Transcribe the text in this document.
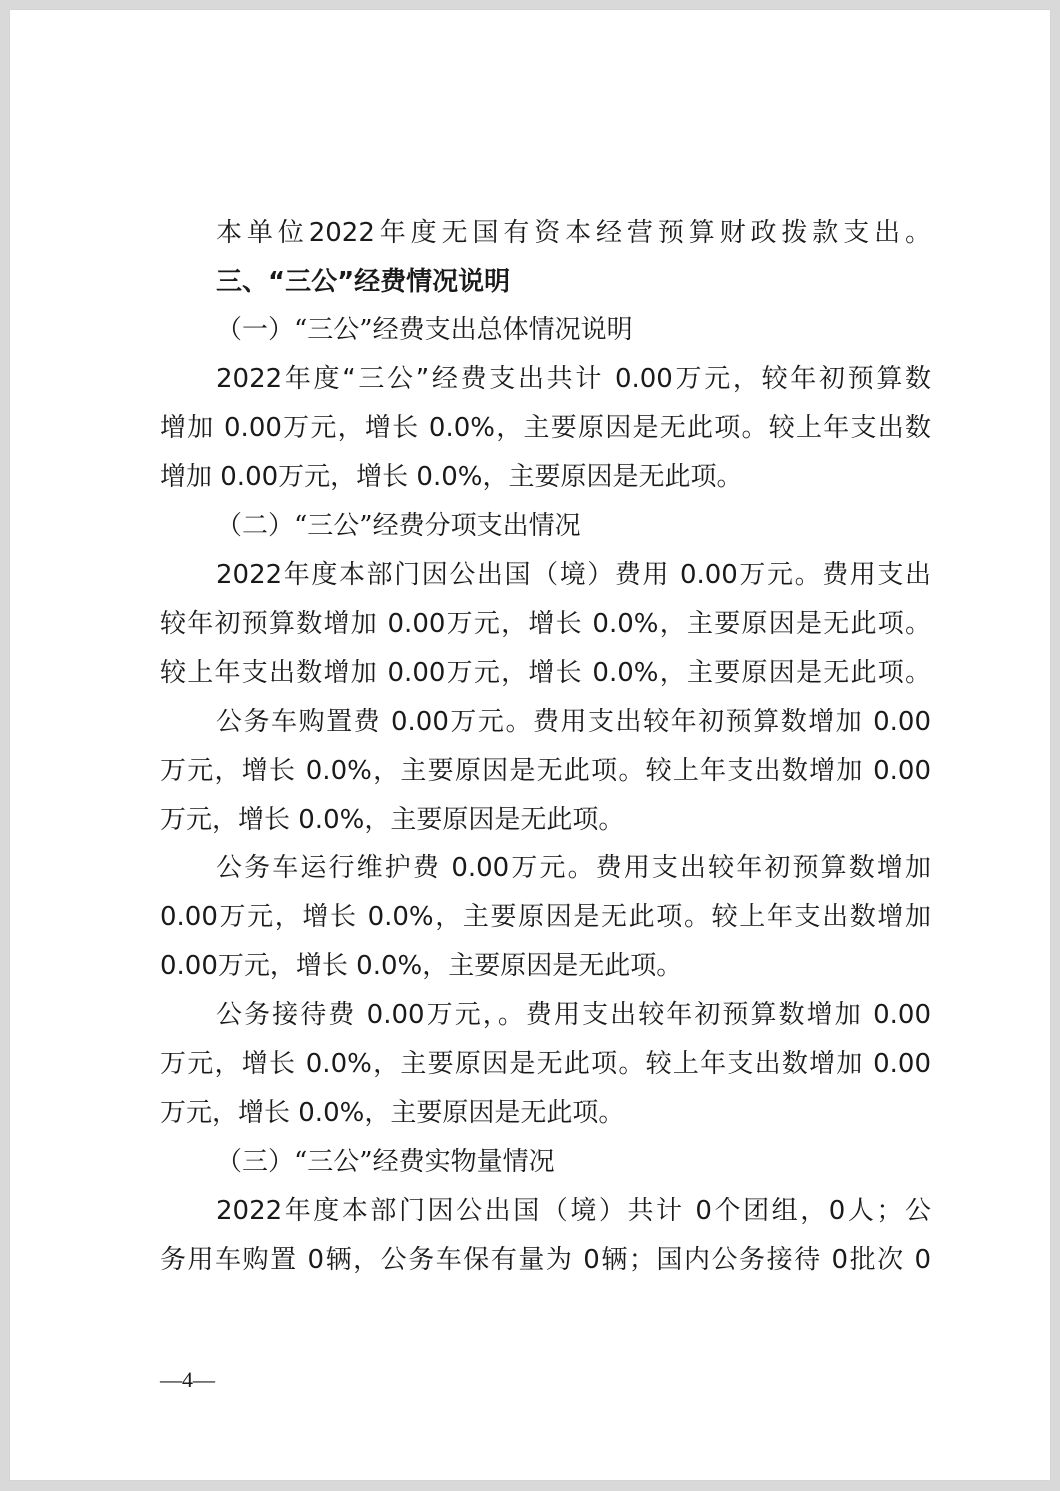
本单位2022年度无国有资本经营预算财政拨款支出。
三、“三公”经费情况说明
（一）“三公”经费支出总体情况说明
2022年度“三公”经费支出共计 0.00万元，较年初预算数
增加 0.00万元，增长 0.0%，主要原因是无此项。较上年支出数
增加 0.00万元，增长 0.0%，主要原因是无此项。
（二）“三公”经费分项支出情况
2022年度本部门因公出国（境）费用 0.00万元。费用支出
较年初预算数增加 0.00万元，增长 0.0%，主要原因是无此项。
较上年支出数增加 0.00万元，增长 0.0%，主要原因是无此项。
公务车购置费 0.00万元。费用支出较年初预算数增加 0.00
万元，增长 0.0%，主要原因是无此项。较上年支出数增加 0.00
万元，增长 0.0%，主要原因是无此项。
公务车运行维护费 0.00万元。费用支出较年初预算数增加
0.00万元，增长 0.0%，主要原因是无此项。较上年支出数增加
0.00万元，增长 0.0%，主要原因是无此项。
公务接待费 0.00万元，。费用支出较年初预算数增加 0.00
万元，增长 0.0%，主要原因是无此项。较上年支出数增加 0.00
万元，增长 0.0%，主要原因是无此项。
（三）“三公”经费实物量情况
2022年度本部门因公出国（境）共计 0个团组，0人；公
务用车购置 0辆，公务车保有量为 0辆；国内公务接待 0批次 0
—4—
